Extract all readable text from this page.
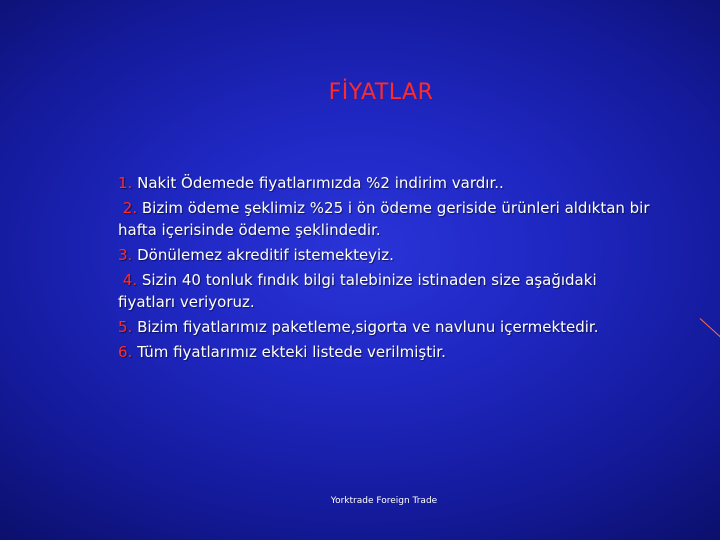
FİYATLAR
1. Nakit Ödemede fiyatlarımızda %2 indirim vardır..
2. Bizim ödeme şeklimiz %25 i ön ödeme geriside ürünleri aldıktan bir hafta içerisinde ödeme şeklindedir.
3. Dönülemez akreditif istemekteyiz.
4. Sizin 40 tonluk fındık bilgi talebinize istinaden size aşağıdaki fiyatları veriyoruz.
5. Bizim fiyatlarımız paketleme,sigorta ve navlunu içermektedir.
6. Tüm fiyatlarımız ekteki listede verilmiştir.
Yorktrade Foreign Trade
